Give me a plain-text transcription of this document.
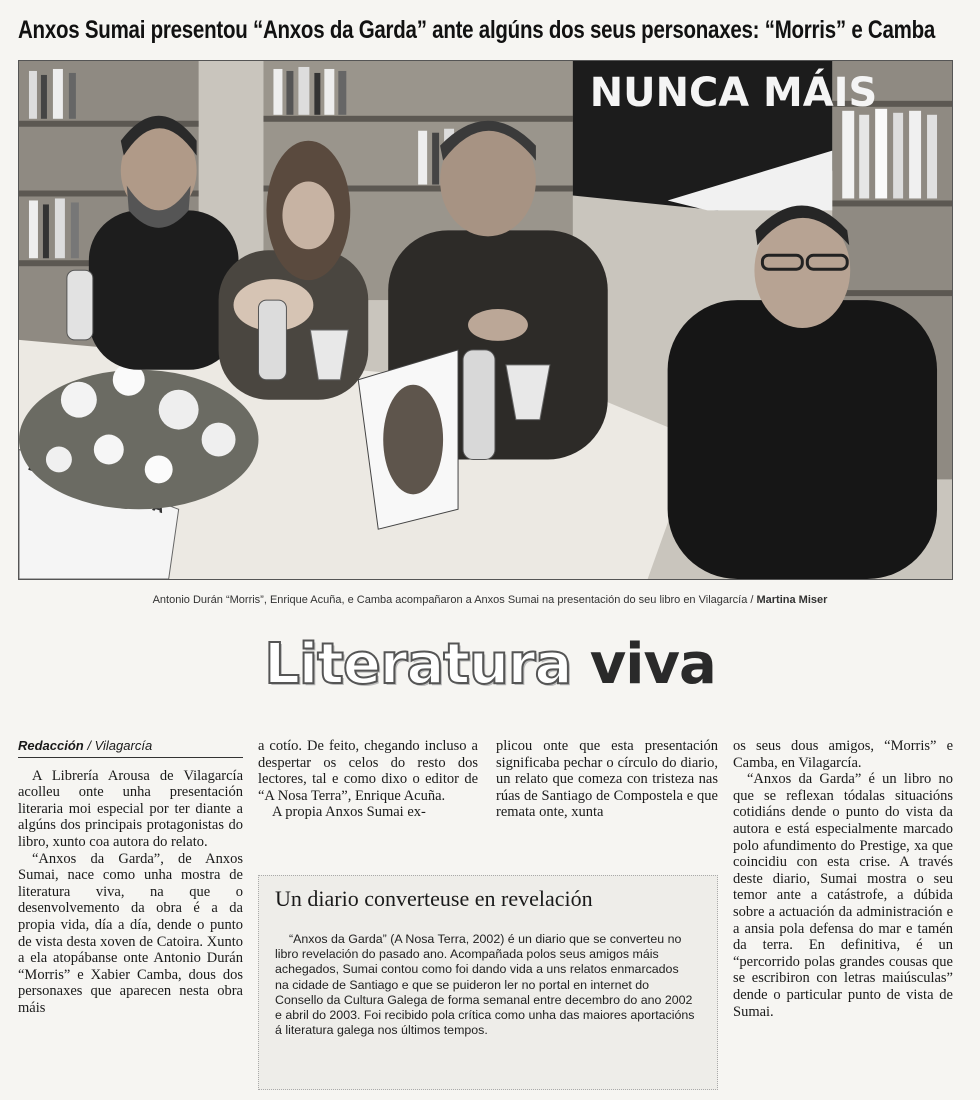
Anxos Sumai presentou “Anxos da Garda” ante algúns dos seus personaxes: “Morris” e Camba
NUNCA MÁIS
Antonio Durán “Morris”, Enrique Acuña, e Camba acompañaron a Anxos Sumai na presentación do seu libro en Vilagarcía / Martina Miser
Literatura viva
Redacción / Vilagarcía

A Librería Arousa de Vilagarcía acolleu onte unha presentación literaria moi especial por ter diante a algúns dos principais protagonistas do libro, xunto coa autora do relato.

“Anxos da Garda”, de Anxos Sumai, nace como unha mostra de literatura viva, na que o desenvolvemento da obra é a da propia vida, día a día, dende o punto de vista desta xoven de Catoira. Xunto a ela atopábanse onte Antonio Durán “Morris” e Xabier Camba, dous dos personaxes que aparecen nesta obra máis

a cotío. De feito, chegando incluso a despertar os celos do resto dos lectores, tal e como dixo o editor de “A Nosa Terra”, Enrique Acuña.

A propia Anxos Sumai ex-

plicou onte que esta presentación significaba pechar o círculo do diario, un relato que comeza con tristeza nas rúas de Santiago de Compostela e que remata onte, xunta

os seus dous amigos, “Morris” e Camba, en Vilagarcía.

“Anxos da Garda” é un libro no que se reflexan tódalas situacións cotidiáns dende o punto do vista da autora e está especialmente marcado polo afundimento do Prestige, xa que coincidiu con esta crise. A través deste diario, Sumai mostra o seu temor ante a catástrofe, a dúbida sobre a actuación da administración e a ansia pola defensa do mar e tamén da terra. En definitiva, é un “percorrido polas grandes cousas que se escribiron con letras maiúsculas” dende o particular punto de vista de Sumai.

Un diario converteuse en revelación
“Anxos da Garda” (A Nosa Terra, 2002) é un diario que se converteu no libro revelación do pasado ano. Acompañada polos seus amigos máis achegados, Sumai contou como foi dando vida a uns relatos enmarcados na cidade de Santiago e que se puideron ler no portal en internet do Consello da Cultura Galega de forma semanal entre decembro do ano 2002 e abril do 2003. Foi recibido pola crítica como unha das maiores aportacións á literatura galega nos últimos tempos.
